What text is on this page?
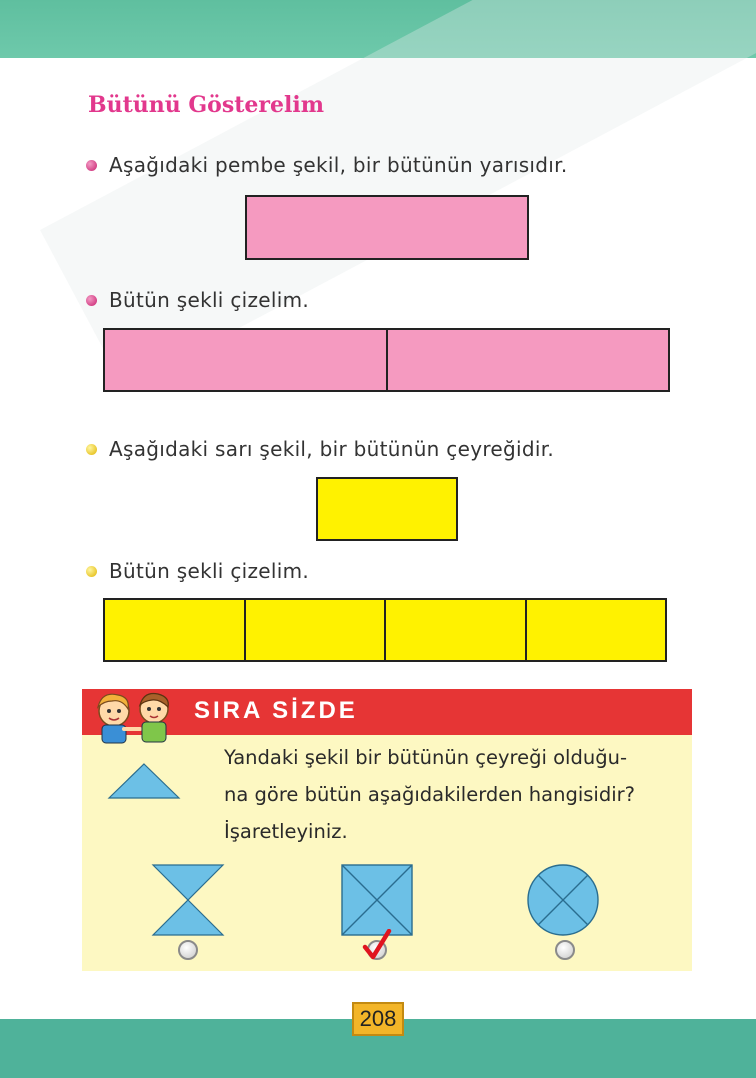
Bütünü Gösterelim
Aşağıdaki pembe şekil, bir bütünün yarısıdır.
Bütün şekli çizelim.
Aşağıdaki sarı şekil, bir bütünün çeyreğidir.
Bütün şekli çizelim.
SIRA SİZDE

Yandaki şekil bir bütünün çeyreği olduğu-

na göre bütün aşağıdakilerden hangisidir?

İşaretleyiniz.

208
